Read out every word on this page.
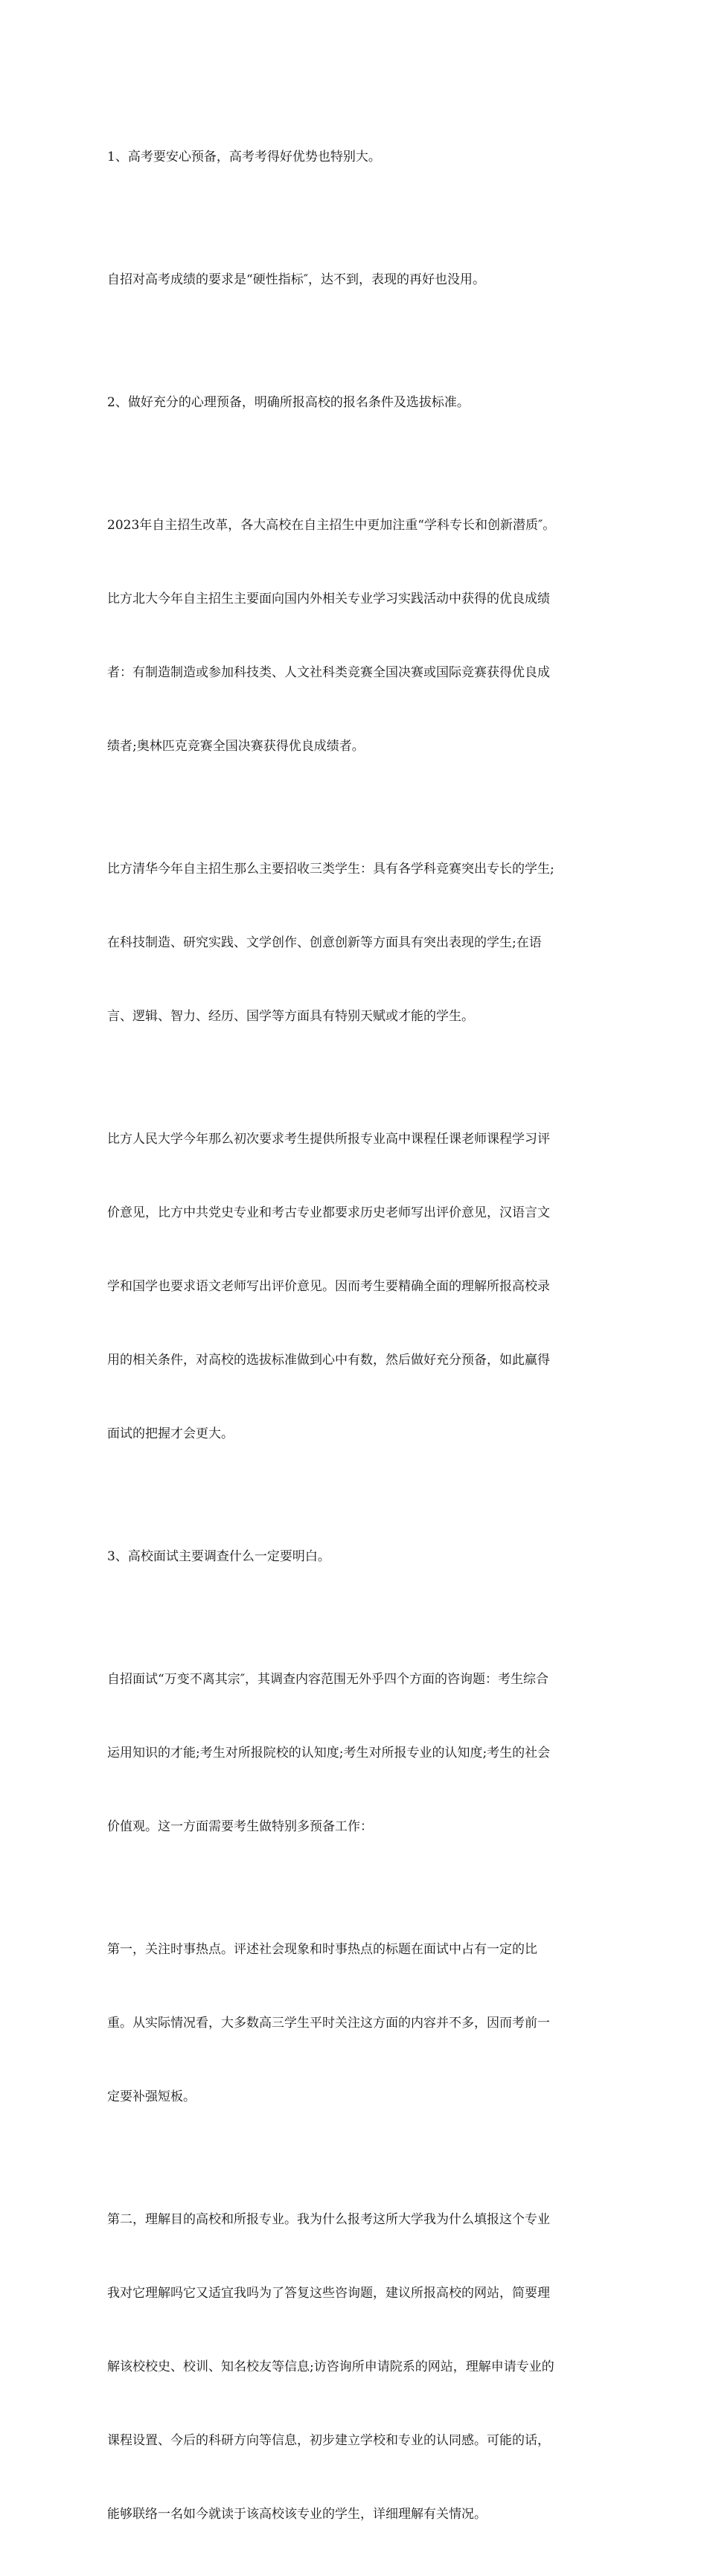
1、高考要安心预备，高考考得好优势也特别大。

自招对高考成绩的要求是“硬性指标″，达不到，表现的再好也没用。

2、做好充分的心理预备，明确所报高校的报名条件及选拔标准。

2023年自主招生改革，各大高校在自主招生中更加注重“学科专长和创新潜质″。

比方北大今年自主招生主要面向国内外相关专业学习实践活动中获得的优良成绩

者：有制造制造或参加科技类、人文社科类竞赛全国决赛或国际竞赛获得优良成

绩者;奥林匹克竞赛全国决赛获得优良成绩者。

比方清华今年自主招生那么主要招收三类学生：具有各学科竞赛突出专长的学生;

在科技制造、研究实践、文学创作、创意创新等方面具有突出表现的学生;在语

言、逻辑、智力、经历、国学等方面具有特别天赋或才能的学生。

比方人民大学今年那么初次要求考生提供所报专业高中课程任课老师课程学习评

价意见，比方中共党史专业和考古专业都要求历史老师写出评价意见，汉语言文

学和国学也要求语文老师写出评价意见。因而考生要精确全面的理解所报高校录

用的相关条件，对高校的选拔标准做到心中有数，然后做好充分预备，如此赢得

面试的把握才会更大。

3、高校面试主要调查什么一定要明白。

自招面试“万变不离其宗″，其调查内容范围无外乎四个方面的咨询题：考生综合

运用知识的才能;考生对所报院校的认知度;考生对所报专业的认知度;考生的社会

价值观。这一方面需要考生做特别多预备工作：

第一，关注时事热点。评述社会现象和时事热点的标题在面试中占有一定的比

重。从实际情况看，大多数高三学生平时关注这方面的内容并不多，因而考前一

定要补强短板。

第二，理解目的高校和所报专业。我为什么报考这所大学我为什么填报这个专业

我对它理解吗它又适宜我吗为了答复这些咨询题，建议所报高校的网站，简要理

解该校校史、校训、知名校友等信息;访咨询所申请院系的网站，理解申请专业的

课程设置、今后的科研方向等信息，初步建立学校和专业的认同感。可能的话，

能够联络一名如今就读于该高校该专业的学生，详细理解有关情况。
